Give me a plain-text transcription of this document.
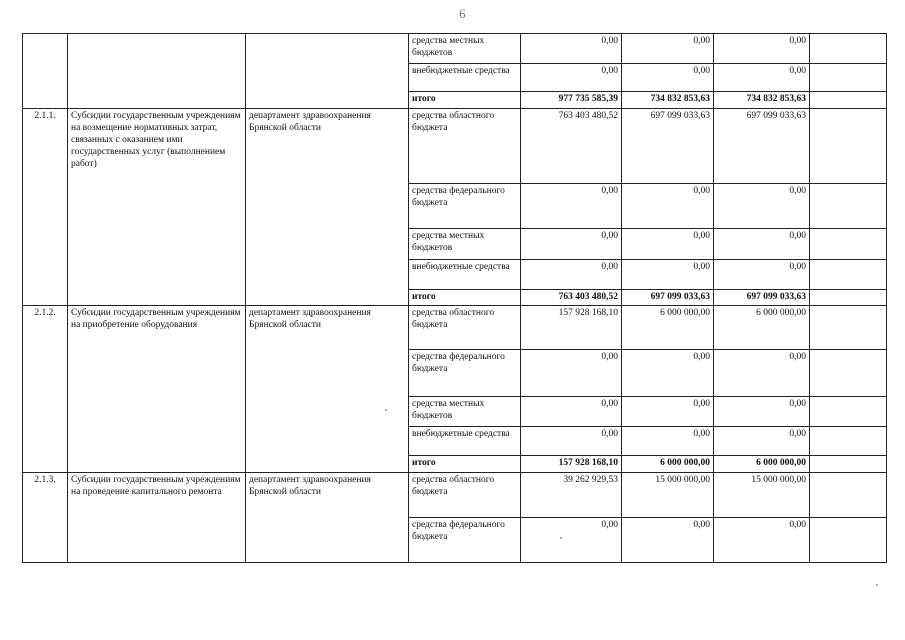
6
			средства местных бюджетов	0,00	0,00	0,00	
			внебюджетные средства	0,00	0,00	0,00	
			итого	977 735 585,39	734 832 853,63	734 832 853,63	
2.1.1.	Субсидии государственным учреждениям на возмещение нормативных затрат, связанных с оказанием ими государственных услуг (выполнением работ)	департамент здравоохранения Брянской области	средства областного бюджета	763 403 480,52	697 099 033,63	697 099 033,63	
			средства федерального бюджета	0,00	0,00	0,00	
			средства местных бюджетов	0,00	0,00	0,00	
			внебюджетные средства	0,00	0,00	0,00	
			итого	763 403 480,52	697 099 033,63	697 099 033,63	
2.1.2.	Субсидии государственным учреждениям на приобретение оборудования	департамент здравоохранения Брянской области	средства областного бюджета	157 928 168,10	6 000 000,00	6 000 000,00	
			средства федерального бюджета	0,00	0,00	0,00	
			средства местных бюджетов	0,00	0,00	0,00	
			внебюджетные средства	0,00	0,00	0,00	
			итого	157 928 168,10	6 000 000,00	6 000 000,00	
2.1.3.	Субсидии государственным учреждениям на проведение капитального ремонта	департамент здравоохранения Брянской области	средства областного бюджета	39 262 929,53	15 000 000,00	15 000 000,00	
			средства федерального бюджета	0,00	0,00	0,00	
